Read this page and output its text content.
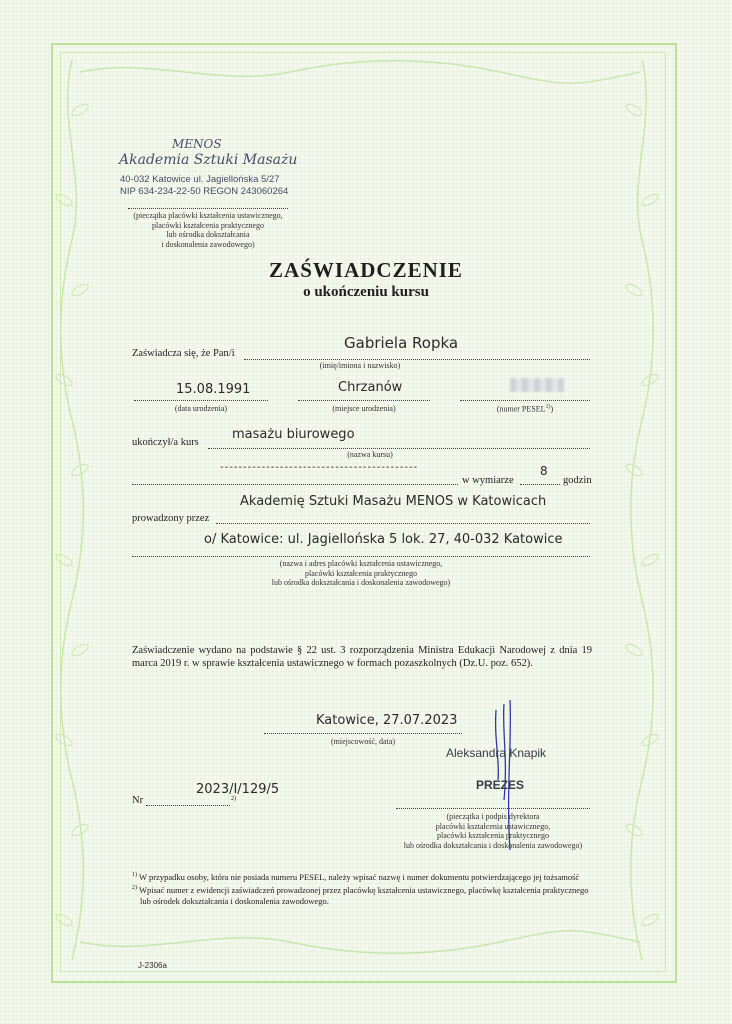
MENOS
Akademia Sztuki Masażu
40-032 Katowice ul. Jagiellońska 5/27
NIP 634-234-22-50 REGON 243060264
(pieczątka placówki kształcenia ustawicznego,
placówki kształcenia praktycznego
lub ośrodka dokształcania
i doskonalenia zawodowego)
ZAŚWIADCZENIE
o ukończeniu kursu
Zaświadcza się, że Pan/i
Gabriela Ropka
(imię/imiona i nazwisko)
15.08.1991
(data urodzenia)
Chrzanów
(miejsce urodzenia)	(numer PESEL$^{1)}$)
masażu biurowego
ukończył/a kurs
(nazwa kursu)
-------------------------------------------
w wymiarze
8
godzin
Akademię Sztuki Masażu MENOS w Katowicach
prowadzony przez
o/ Katowice: ul. Jagiellońska 5 lok. 27, 40-032 Katowice
(nazwa i adres placówki kształcenia ustawicznego,
placówki kształcenia praktycznego
lub ośrodka dokształcania i doskonalenia zawodowego)
Zaświadczenie wydano na podstawie § 22 ust. 3 rozporządzenia Ministra Edukacji Narodowej z dnia 19 marca 2019 r. w sprawie kształcenia ustawicznego w formach pozaszkolnych (Dz.U. poz. 652).
Katowice, 27.07.2023
(miejscowość, data)
Aleksandra Knapik
PREZES
2023/I/129/5
Nr	2)
(pieczątka i podpis dyrektora
placówki kształcenia ustawicznego,
placówki kształcenia praktycznego
lub ośrodka dokształcania i doskonalenia zawodowego)
$^{1)}$ W przypadku osoby, która nie posiada numeru PESEL, należy wpisać nazwę i numer dokumentu potwierdzającego jej tożsamość
$^{2)}$ Wpisać numer z ewidencji zaświadczeń prowadzonej przez placówkę kształcenia ustawicznego, placówkę kształcenia praktycznego
lub ośrodek dokształcania i doskonalenia zawodowego.
J-2306a
